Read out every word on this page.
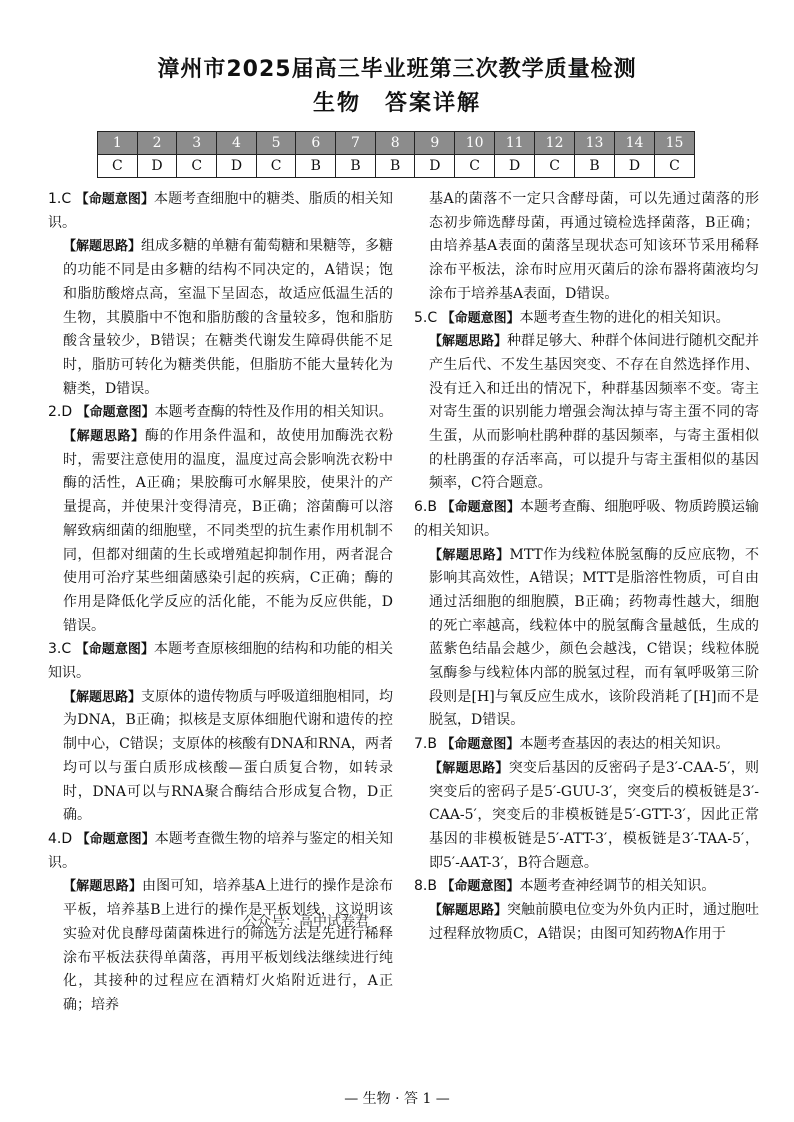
漳州市2025届高三毕业班第三次教学质量检测
生物　答案详解
1	2	3	4	5	6	7	8	9	10	11	12	13	14	15
C	D	C	D	C	B	B	B	D	C	D	C	B	D	C

1.C 【命题意图】本题考查细胞中的糖类、脂质的相关知识。

【解题思路】组成多糖的单糖有葡萄糖和果糖等，多糖的功能不同是由多糖的结构不同决定的，A错误；饱和脂肪酸熔点高，室温下呈固态，故适应低温生活的生物，其膜脂中不饱和脂肪酸的含量较多，饱和脂肪酸含量较少，B错误；在糖类代谢发生障碍供能不足时，脂肪可转化为糖类供能，但脂肪不能大量转化为糖类，D错误。

2.D 【命题意图】本题考查酶的特性及作用的相关知识。

【解题思路】酶的作用条件温和，故使用加酶洗衣粉时，需要注意使用的温度，温度过高会影响洗衣粉中酶的活性，A正确；果胶酶可水解果胶，使果汁的产量提高，并使果汁变得清亮，B正确；溶菌酶可以溶解致病细菌的细胞壁，不同类型的抗生素作用机制不同，但都对细菌的生长或增殖起抑制作用，两者混合使用可治疗某些细菌感染引起的疾病，C正确；酶的作用是降低化学反应的活化能，不能为反应供能，D错误。

3.C 【命题意图】本题考查原核细胞的结构和功能的相关知识。

【解题思路】支原体的遗传物质与呼吸道细胞相同，均为DNA，B正确；拟核是支原体细胞代谢和遗传的控制中心，C错误；支原体的核酸有DNA和RNA，两者均可以与蛋白质形成核酸—蛋白质复合物，如转录时，DNA可以与RNA聚合酶结合形成复合物，D正确。

4.D 【命题意图】本题考查微生物的培养与鉴定的相关知识。

【解题思路】由图可知，培养基A上进行的操作是涂布平板，培养基B上进行的操作是平板划线，这说明该实验对优良酵母菌菌株进行的筛选方法是先进行稀释涂布平板法获得单菌落，再用平板划线法继续进行纯化，其接种的过程应在酒精灯火焰附近进行，A正确；培养

基A的菌落不一定只含酵母菌，可以先通过菌落的形态初步筛选酵母菌，再通过镜检选择菌落，B正确；由培养基A表面的菌落呈现状态可知该环节采用稀释涂布平板法，涂布时应用灭菌后的涂布器将菌液均匀涂布于培养基A表面，D错误。

5.C 【命题意图】本题考查生物的进化的相关知识。

【解题思路】种群足够大、种群个体间进行随机交配并产生后代、不发生基因突变、不存在自然选择作用、没有迁入和迁出的情况下，种群基因频率不变。寄主对寄生蛋的识别能力增强会淘汰掉与寄主蛋不同的寄生蛋，从而影响杜鹃种群的基因频率，与寄主蛋相似的杜鹃蛋的存活率高，可以提升与寄主蛋相似的基因频率，C符合题意。

6.B 【命题意图】本题考查酶、细胞呼吸、物质跨膜运输的相关知识。

【解题思路】MTT作为线粒体脱氢酶的反应底物，不影响其高效性，A错误；MTT是脂溶性物质，可自由通过活细胞的细胞膜，B正确；药物毒性越大，细胞的死亡率越高，线粒体中的脱氢酶含量越低，生成的蓝紫色结晶会越少，颜色会越浅，C错误；线粒体脱氢酶参与线粒体内部的脱氢过程，而有氧呼吸第三阶段则是[H]与氧反应生成水，该阶段消耗了[H]而不是脱氢，D错误。

7.B 【命题意图】本题考查基因的表达的相关知识。

【解题思路】突变后基因的反密码子是3′-CAA-5′，则突变后的密码子是5′-GUU-3′，突变后的模板链是3′-CAA-5′，突变后的非模板链是5′-GTT-3′，因此正常基因的非模板链是5′-ATT-3′，模板链是3′-TAA-5′，即5′-AAT-3′，B符合题意。

8.B 【命题意图】本题考查神经调节的相关知识。

【解题思路】突触前膜电位变为外负内正时，通过胞吐过程释放物质C，A错误；由图可知药物A作用于

公众号：高中试卷君
— 生物 · 答 1 —
